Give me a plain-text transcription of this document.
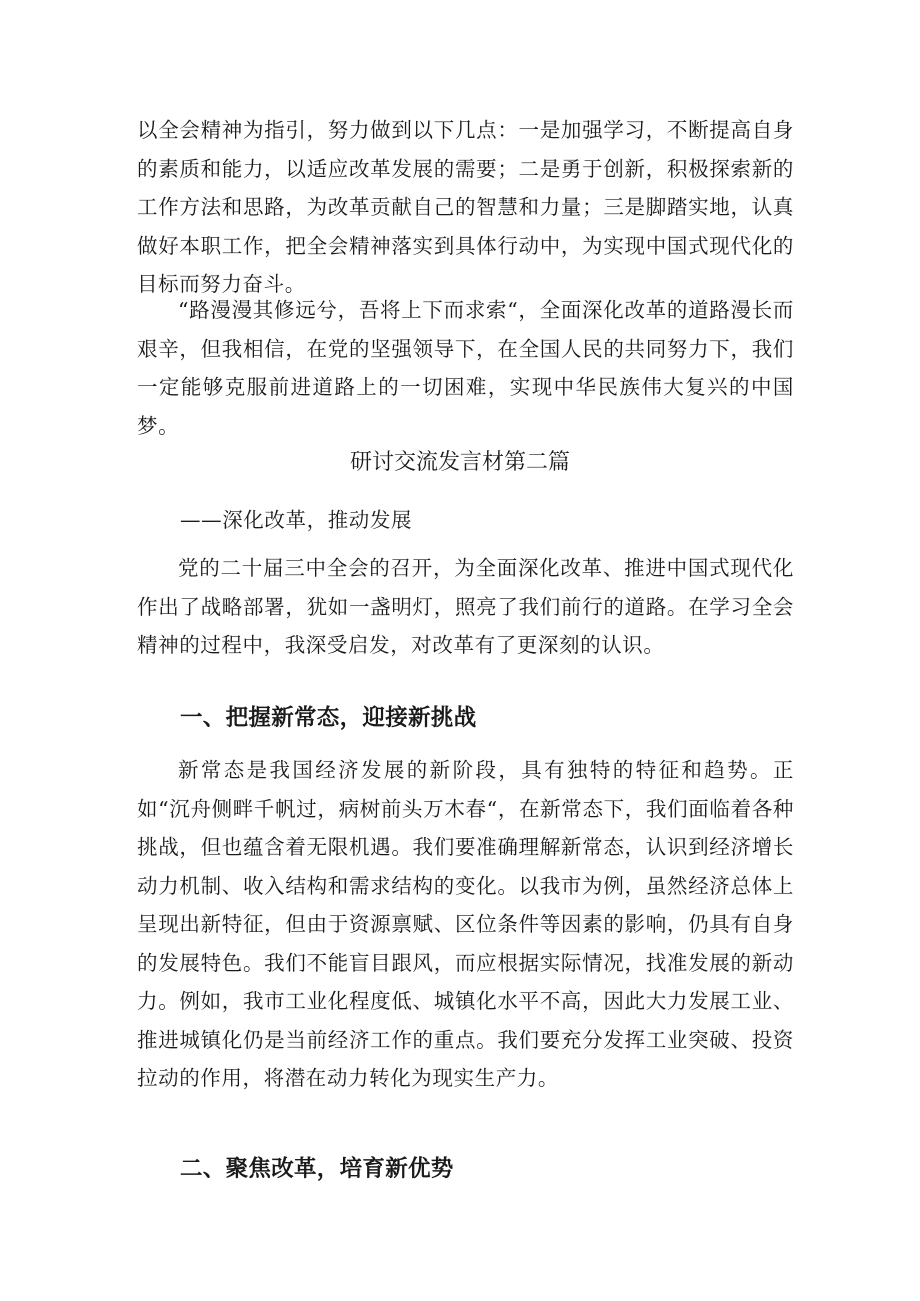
以全会精神为指引，努力做到以下几点：一是加强学习，不断提高自身的素质和能力，以适应改革发展的需要；二是勇于创新，积极探索新的工作方法和思路，为改革贡献自己的智慧和力量；三是脚踏实地，认真做好本职工作，把全会精神落实到具体行动中，为实现中国式现代化的目标而努力奋斗。

“路漫漫其修远兮，吾将上下而求索“，全面深化改革的道路漫长而艰辛，但我相信，在党的坚强领导下，在全国人民的共同努力下，我们一定能够克服前进道路上的一切困难，实现中华民族伟大复兴的中国梦。

研讨交流发言材第二篇

——深化改革，推动发展

党的二十届三中全会的召开，为全面深化改革、推进中国式现代化作出了战略部署，犹如一盏明灯，照亮了我们前行的道路。在学习全会精神的过程中，我深受启发，对改革有了更深刻的认识。

一、把握新常态，迎接新挑战

新常态是我国经济发展的新阶段，具有独特的特征和趋势。正如“沉舟侧畔千帆过，病树前头万木春“，在新常态下，我们面临着各种挑战，但也蕴含着无限机遇。我们要准确理解新常态，认识到经济增长动力机制、收入结构和需求结构的变化。以我市为例，虽然经济总体上呈现出新特征，但由于资源禀赋、区位条件等因素的影响，仍具有自身的发展特色。我们不能盲目跟风，而应根据实际情况，找准发展的新动力。例如，我市工业化程度低、城镇化水平不高，因此大力发展工业、推进城镇化仍是当前经济工作的重点。我们要充分发挥工业突破、投资拉动的作用，将潜在动力转化为现实生产力。

二、聚焦改革，培育新优势
